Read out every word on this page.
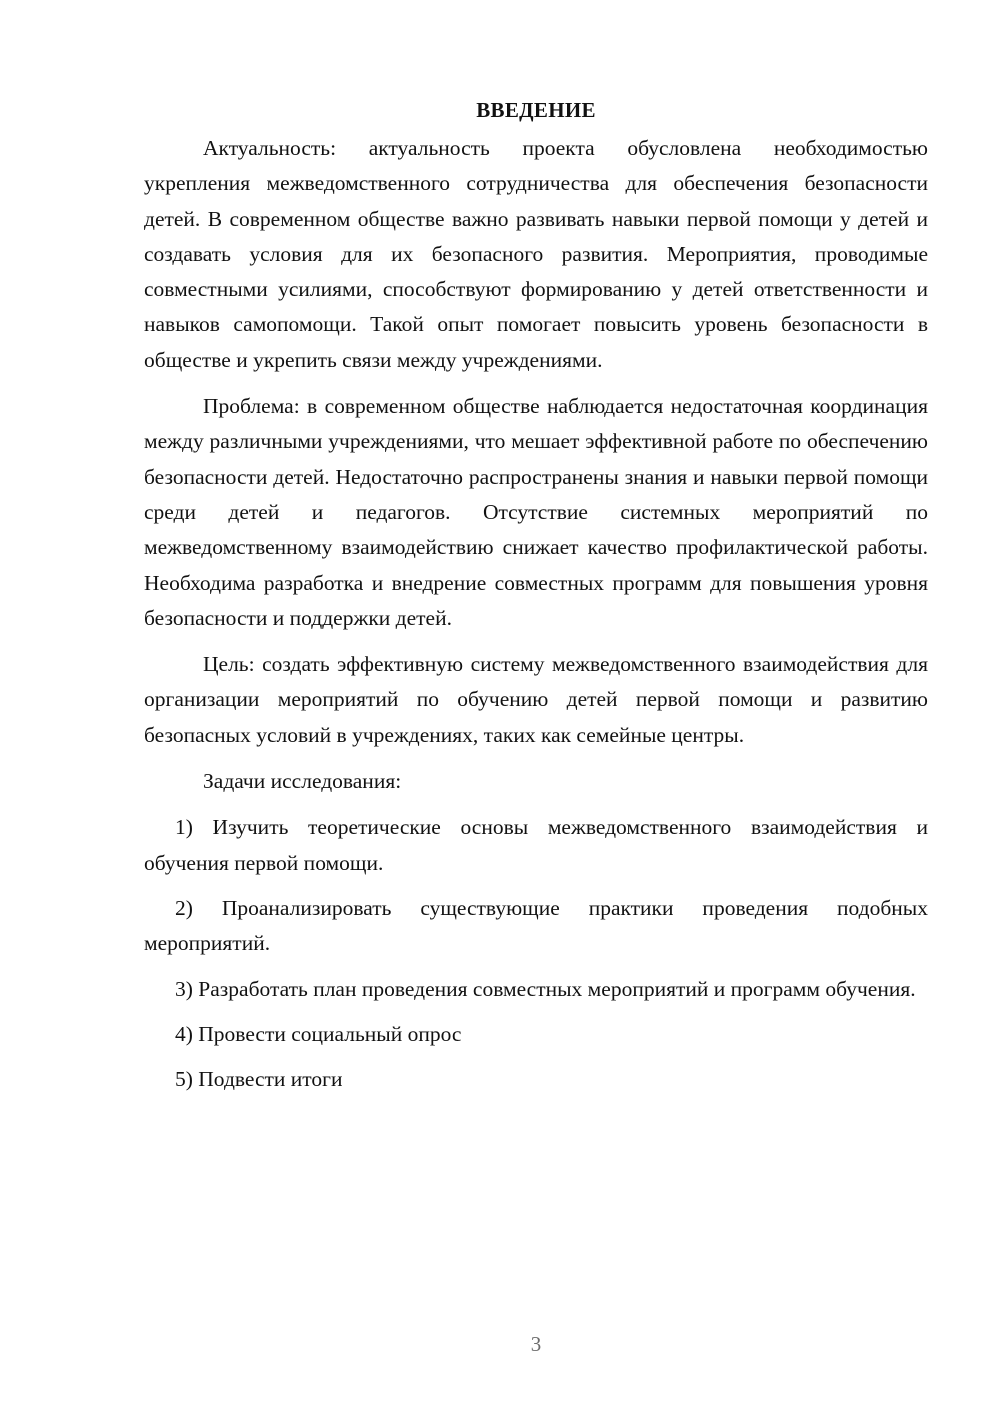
ВВЕДЕНИЕ

Актуальность: актуальность проекта обусловлена необходимостью укрепления межведомственного сотрудничества для обеспечения безопасности детей. В современном обществе важно развивать навыки первой помощи у детей и создавать условия для их безопасного развития. Мероприятия, проводимые совместными усилиями, способствуют формированию у детей ответственности и навыков самопомощи. Такой опыт помогает повысить уровень безопасности в обществе и укрепить связи между учреждениями.

Проблема: в современном обществе наблюдается недостаточная координация между различными учреждениями, что мешает эффективной работе по обеспечению безопасности детей. Недостаточно распространены знания и навыки первой помощи среди детей и педагогов. Отсутствие системных мероприятий по межведомственному взаимодействию снижает качество профилактической работы. Необходима разработка и внедрение совместных программ для повышения уровня безопасности и поддержки детей.

Цель: создать эффективную систему межведомственного взаимодействия для организации мероприятий по обучению детей первой помощи и развитию безопасных условий в учреждениях, таких как семейные центры.

Задачи исследования:

1) Изучить теоретические основы межведомственного взаимодействия и обучения первой помощи.

2) Проанализировать существующие практики проведения подобных мероприятий.

3) Разработать план проведения совместных мероприятий и программ обучения.

4) Провести социальный опрос

5) Подвести итоги

3
